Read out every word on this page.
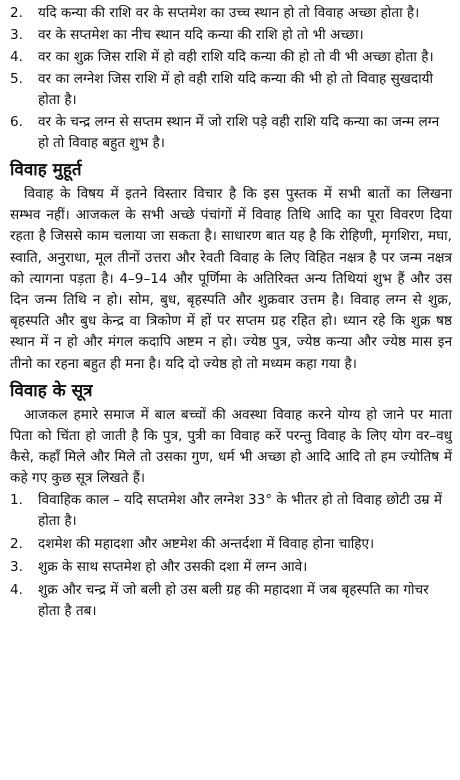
2.	यदि कन्या की राशि वर के सप्तमेश का उच्च स्थान हो तो विवाह अच्छा होता है।
3.	वर के सप्तमेश का नीच स्थान यदि कन्या की राशि हो तो भी अच्छा।
4.	वर का शुक्र जिस राशि में हो वही राशि यदि कन्या की हो तो वी भी अच्छा होता है।
5.	वर का लग्नेश जिस राशि में हो वही राशि यदि कन्या की भी हो तो विवाह सुखदायी होता है।
6.	वर के चन्द्र लग्न से सप्तम स्थान में जो राशि पड़े वही राशि यदि कन्या का जन्म लग्न हो तो विवाह बहुत शुभ है।
विवाह मुहूर्त

विवाह के विषय में इतने विस्तार विचार है कि इस पुस्तक में सभी बातों का लिखना सम्भव नहीं। आजकल के सभी अच्छे पंचांगों में विवाह तिथि आदि का पूरा विवरण दिया रहता है जिससे काम चलाया जा सकता है। साधारण बात यह है कि रोहिणी, मृगशिरा, मघा, स्वाति, अनुराधा, मूल तीनों उत्तरा और रेवती विवाह के लिए विहित नक्षत्र है पर जन्म नक्षत्र को त्यागना पड़ता है। 4–9–14 और पूर्णिमा के अतिरिक्त अन्य तिथियां शुभ हैं और उस दिन जन्म तिथि न हो। सोम, बुध, बृहस्पति और शुक्रवार उत्तम है। विवाह लग्न से शुक्र, बृहस्पति और बुध केन्द्र वा त्रिकोण में हों पर सप्तम ग्रह रहित हो। ध्यान रहे कि शुक्र षष्ठ स्थान में न हो और मंगल कदापि अष्टम न हो। ज्येष्ठ पुत्र, ज्येष्ठ कन्या और ज्येष्ठ मास इन तीनो का रहना बहुत ही मना है। यदि दो ज्येष्ठ हो तो मध्यम कहा गया है।

विवाह के सूत्र

आजकल हमारे समाज में बाल बच्चों की अवस्था विवाह करने योग्य हो जाने पर माता पिता को चिंता हो जाती है कि पुत्र, पुत्री का विवाह करें परन्तु विवाह के लिए योग वर–वधु कैसे, कहाँ मिले और मिले तो उसका गुण, धर्म भी अच्छा हो आदि आदि तो हम ज्योतिष में कहे गए कुछ सूत्र लिखते हैं।

1.	विवाहिक काल – यदि सप्तमेश और लग्नेश 33° के भीतर हो तो विवाह छोटी उम्र में होता है।
2.	दशमेश की महादशा और अष्टमेश की अन्तर्दशा में विवाह होना चाहिए।
3.	शुक्र के साथ सप्तमेश हो और उसकी दशा में लग्न आवे।
4.	शुक्र और चन्द्र में जो बली हो उस बली ग्रह की महादशा में जब बृहस्पति का गोचर होता है तब।
